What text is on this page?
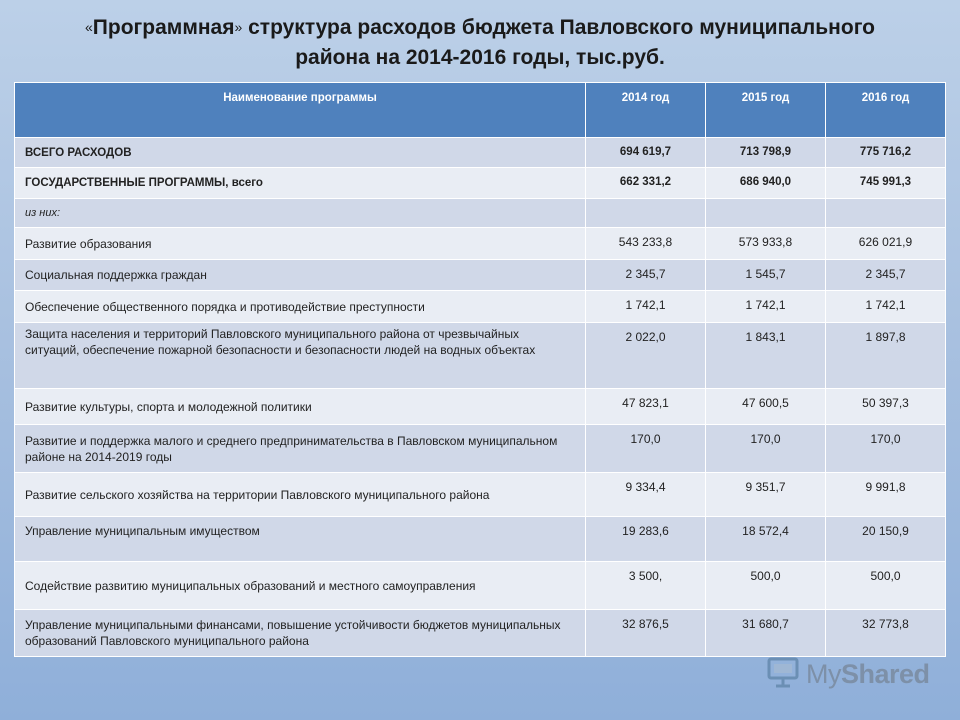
«Программная» структура расходов бюджета Павловского муниципального
района на 2014-2016 годы, тыс.руб.
Наименование программы	2014 год	2015 год	2016 год
ВСЕГО РАСХОДОВ	694 619,7	713 798,9	775 716,2
ГОСУДАРСТВЕННЫЕ ПРОГРАММЫ, всего	662 331,2	686 940,0	745 991,3
из них:			
Развитие образования	543 233,8	573 933,8	626 021,9
Социальная поддержка граждан	2 345,7	1 545,7	2 345,7
Обеспечение общественного порядка и противодействие преступности	1 742,1	1 742,1	1 742,1
Защита населения и территорий Павловского муниципального района от чрезвычайных ситуаций, обеспечение пожарной безопасности и безопасности людей на водных объектах	2 022,0	1 843,1	1 897,8
Развитие культуры, спорта и молодежной политики	47 823,1	47 600,5	50 397,3
Развитие и поддержка малого и среднего предпринимательства в Павловском муниципальном районе на 2014-2019 годы	170,0	170,0	170,0
Развитие сельского хозяйства на территории Павловского муниципального района	9 334,4	9 351,7	9 991,8
Управление муниципальным имуществом	19 283,6	18 572,4	20 150,9
Содействие развитию муниципальных образований и местного самоуправления	3 500,	500,0	500,0
Управление муниципальными финансами, повышение устойчивости бюджетов муниципальных образований Павловского муниципального района	32 876,5	31 680,7	32 773,8
MyShared
